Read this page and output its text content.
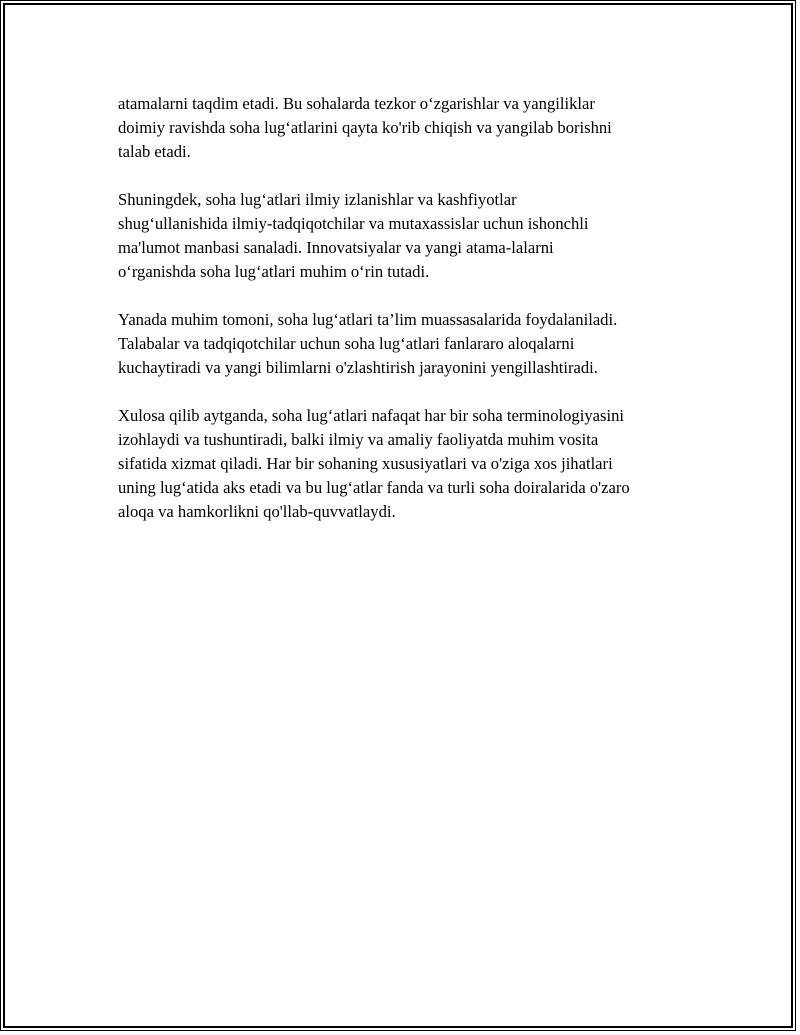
atamalarni taqdim etadi. Bu sohalarda tezkor o‘zgarishlar va yangiliklar
doimiy ravishda soha lug‘atlarini qayta ko'rib chiqish va yangilab borishni
talab etadi.

Shuningdek, soha lug‘atlari ilmiy izlanishlar va kashfiyotlar
shug‘ullanishida ilmiy-tadqiqotchilar va mutaxassislar uchun ishonchli
ma'lumot manbasi sanaladi. Innovatsiyalar va yangi atama-lalarni
o‘rganishda soha lug‘atlari muhim o‘rin tutadi.

Yanada muhim tomoni, soha lug‘atlari ta’lim muassasalarida foydalaniladi.
Talabalar va tadqiqotchilar uchun soha lug‘atlari fanlararo aloqalarni
kuchaytiradi va yangi bilimlarni o'zlashtirish jarayonini yengillashtiradi.

Xulosa qilib aytganda, soha lug‘atlari nafaqat har bir soha terminologiyasini
izohlaydi va tushuntiradi, balki ilmiy va amaliy faoliyatda muhim vosita
sifatida xizmat qiladi. Har bir sohaning xususiyatlari va o'ziga xos jihatlari
uning lug‘atida aks etadi va bu lug‘atlar fanda va turli soha doiralarida o'zaro
aloqa va hamkorlikni qo'llab-quvvatlaydi.
